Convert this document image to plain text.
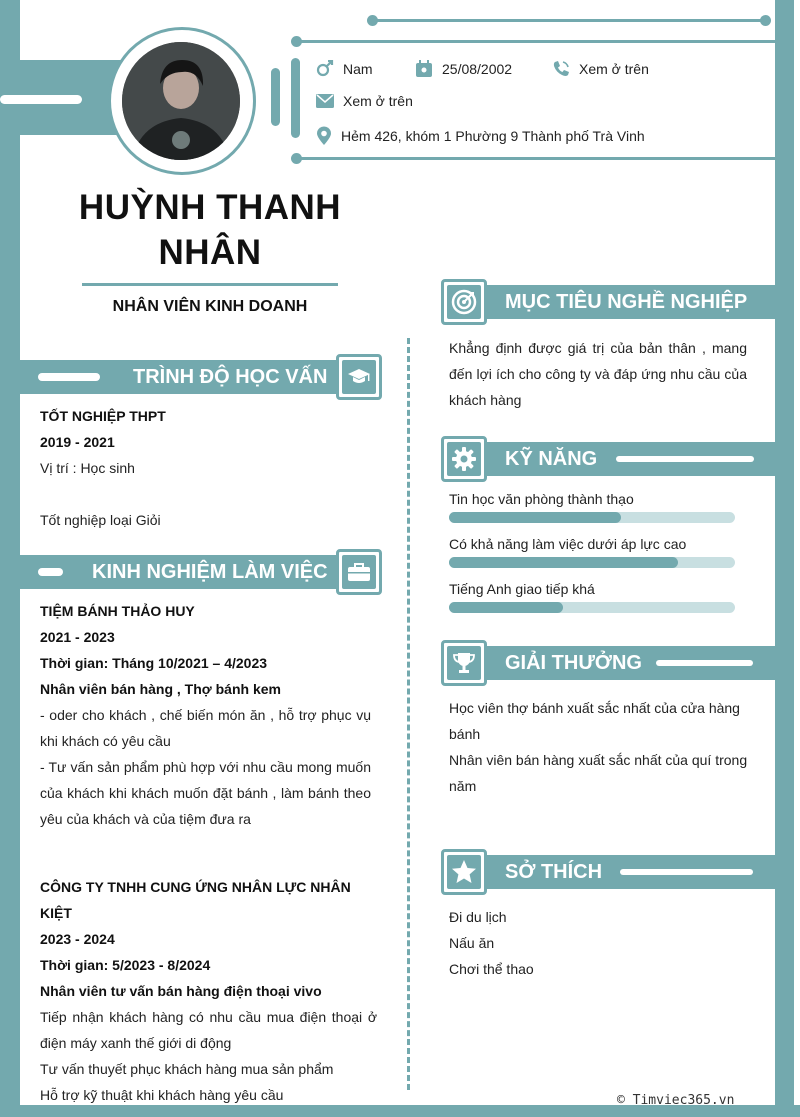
Nam	25/08/2002	Xem ở trên
Xem ở trên
Hẻm 426, khóm 1 Phường 9 Thành phố Trà Vinh
HUỲNH THANH
NHÂN
NHÂN VIÊN KINH DOANH
TRÌNH ĐỘ HỌC VẤN
TỐT NGHIỆP THPT
2019 - 2021
Vị trí : Học sinh
Tốt nghiệp loại Giỏi
KINH NGHIỆM LÀM VIỆC
TIỆM BÁNH THẢO HUY
2021 - 2023
Thời gian: Tháng 10/2021 – 4/2023
Nhân viên bán hàng , Thợ bánh kem
- oder cho khách , chế biến món ăn , hỗ trợ phục vụ khi khách có yêu cầu
- Tư vấn sản phẩm phù hợp với nhu cầu mong muốn của khách khi khách muốn đặt bánh , làm bánh theo yêu của khách và của tiệm đưa ra
CÔNG TY TNHH CUNG ỨNG NHÂN LỰC NHÂN KIỆT
2023 - 2024
Thời gian: 5/2023 - 8/2024
Nhân viên tư vấn bán hàng điện thoại vivo
Tiếp nhận khách hàng có nhu cầu mua điện thoại ở điện máy xanh thế giới di động
Tư vấn thuyết phục khách hàng mua sản phẩm
Hỗ trợ kỹ thuật khi khách hàng yêu cầu
MỤC TIÊU NGHỀ NGHIỆP
Khẳng định được giá trị của bản thân , mang đến lợi ích cho công ty và đáp ứng nhu cầu của khách hàng
KỸ NĂNG
Tin học văn phòng thành thạo
Có khả năng làm việc dưới áp lực cao
Tiếng Anh giao tiếp khá
GIẢI THƯỞNG
Học viên thợ bánh xuất sắc nhất của cửa hàng bánh
Nhân viên bán hàng xuất sắc nhất của quí trong năm
SỞ THÍCH
Đi du lịch
Nấu ăn
Chơi thể thao
© Timviec365.vn
